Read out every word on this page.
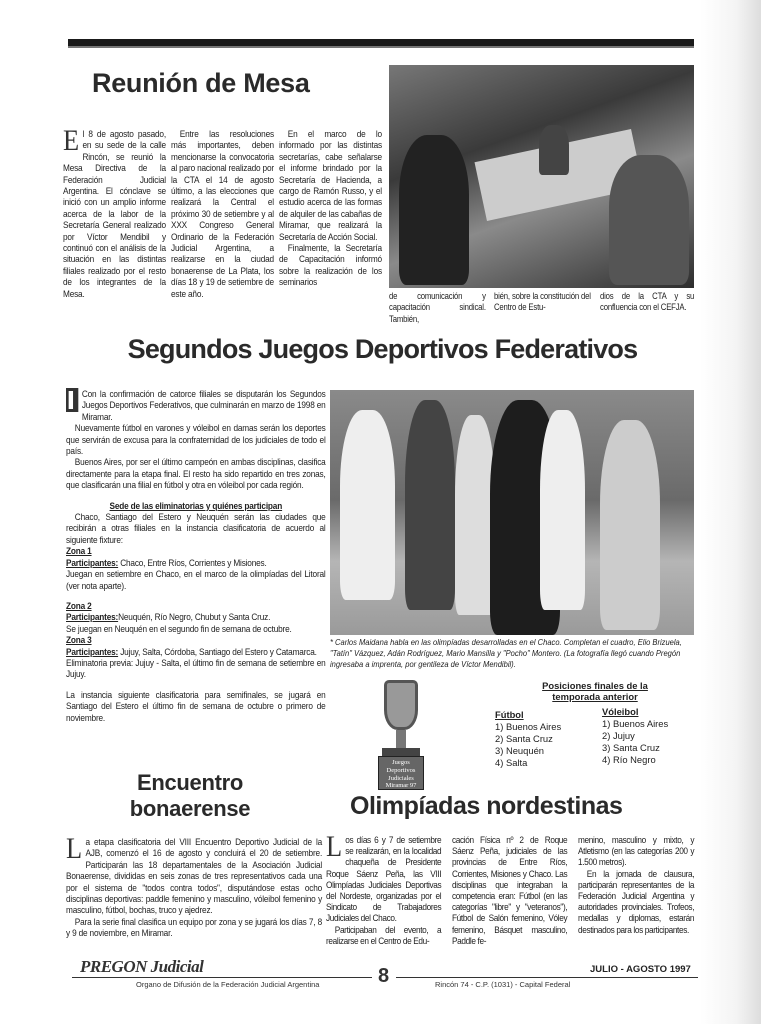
Reunión de Mesa
E l 8 de agosto pasado, en su sede de la calle Rincón, se reunió la Mesa Directiva de la Federación Judicial Argentina. El cónclave se inició con un amplio informe acerca de la labor de la Secretaría General realizado por Víctor Mendibil y continuó con el análisis de la situación en las distintas filiales realizado por el resto de los integrantes de la Mesa.

Entre las resoluciones más importantes, deben mencionarse la convocatoria al paro nacional realizado por la CTA el 14 de agosto último, a las elecciones que realizará la Central el próximo 30 de setiembre y al XXX Congreso General Ordinario de la Federación Judicial Argentina, a realizarse en la ciudad bonaerense de La Plata, los días 18 y 19 de setiembre de este año.

En el marco de lo informado por las distintas secretarías, cabe señalarse el informe brindado por la Secretaría de Hacienda, a cargo de Ramón Russo, y el estudio acerca de las formas de alquiler de las cabañas de Miramar, que realizará la Secretaría de Acción Social.

Finalmente, la Secretaría de Capacitación informó sobre la realización de los seminarios

de comunicación y capacitación sindical. También,
bién, sobre la constitución del Centro de Estu-
dios de la CTA y su confluencia con el CEFJA.
Segundos Juegos Deportivos Federativos

Con la confirmación de catorce filiales se disputarán los Segundos Juegos Deportivos Federativos, que culminarán en marzo de 1998 en Miramar.

Nuevamente fútbol en varones y vóleibol en damas serán los deportes que servirán de excusa para la confraternidad de los judiciales de todo el país.

Buenos Aires, por ser el último campeón en ambas disciplinas, clasifica directamente para la etapa final. El resto ha sido repartido en tres zonas, que clasificarán una filial en fútbol y otra en vóleibol por cada región.

Sede de las eliminatorias y quiénes participan

Chaco, Santiago del Estero y Neuquén serán las ciudades que recibirán a otras filiales en la instancia clasificatoria de acuerdo al siguiente fixture:

Zona 1
Participantes: Chaco, Entre Ríos, Corrientes y Misiones.
Juegan en setiembre en Chaco, en el marco de la olimpíadas del Litoral (ver nota aparte).
Zona 2
Participantes:Neuquén, Río Negro, Chubut y Santa Cruz.
Se juegan en Neuquén en el segundo fin de semana de octubre.
Zona 3
Participantes: Jujuy, Salta, Córdoba, Santiago del Estero y Catamarca.
Eliminatoria previa: Jujuy - Salta, el último fin de semana de setiembre en Jujuy.
La instancia siguiente clasificatoria para semifinales, se jugará en Santiago del Estero el último fin de semana de octubre o primero de noviembre.
* Carlos Maidana habla en las olimpíadas desarrolladas en el Chaco. Completan el cuadro, Elio Brizuela, "Tatín" Vázquez, Adán Rodríguez, Mario Mansilla y "Pocho" Montero. (La fotografía llegó cuando Pregón ingresaba a imprenta, por gentileza de Víctor Mendibil).
Juegos Deportivos Judiciales Miramar 97
Posiciones finales de la temporada anterior
Fútbol
1) Buenos Aires
2) Santa Cruz
3) Neuquén
4) Salta
Vóleibol
1) Buenos Aires
2) Jujuy
3) Santa Cruz
4) Río Negro
Encuentro
bonaerense
L a etapa clasificatoria del VIII Encuentro Deportivo Judicial de la AJB, comenzó el 16 de agosto y concluirá el 20 de setiembre. Participarán las 18 departamentales de la Asociación Judicial Bonaerense, divididas en seis zonas de tres representativos cada una por el sistema de "todos contra todos", disputándose estas ocho disciplinas deportivas: paddle femenino y masculino, vóleibol femenino y masculino, fútbol, bochas, truco y ajedrez.

Para la serie final clasifica un equipo por zona y se jugará los días 7, 8 y 9 de noviembre, en Miramar.

Olimpíadas nordestinas
L os días 6 y 7 de setiembre se realizarán, en la localidad chaqueña de Presidente Roque Sáenz Peña, las VIII Olimpíadas Judiciales Deportivas del Nordeste, organizadas por el Sindicato de Trabajadores Judiciales del Chaco.

Participaban del evento, a realizarse en el Centro de Edu-

cación Física nº 2 de Roque Sáenz Peña, judiciales de las provincias de Entre Ríos, Corrientes, Misiones y Chaco. Las disciplinas que integraban la competencia eran: Fútbol (en las categorías "libre" y "veteranos"), Fútbol de Salón femenino, Vóley femenino, Básquet masculino, Paddle fe-
menino, masculino y mixto, y Atletismo (en las categorías 200 y 1.500 metros).

En la jornada de clausura, participarán representantes de la Federación Judicial Argentina y autoridades provinciales. Trofeos, medallas y diplomas, estarán destinados para los participantes.

PREGON Judicial
Organo de Difusión de la Federación Judicial Argentina	8	Rincón 74 - C.P. (1031) - Capital Federal
JULIO - AGOSTO 1997
